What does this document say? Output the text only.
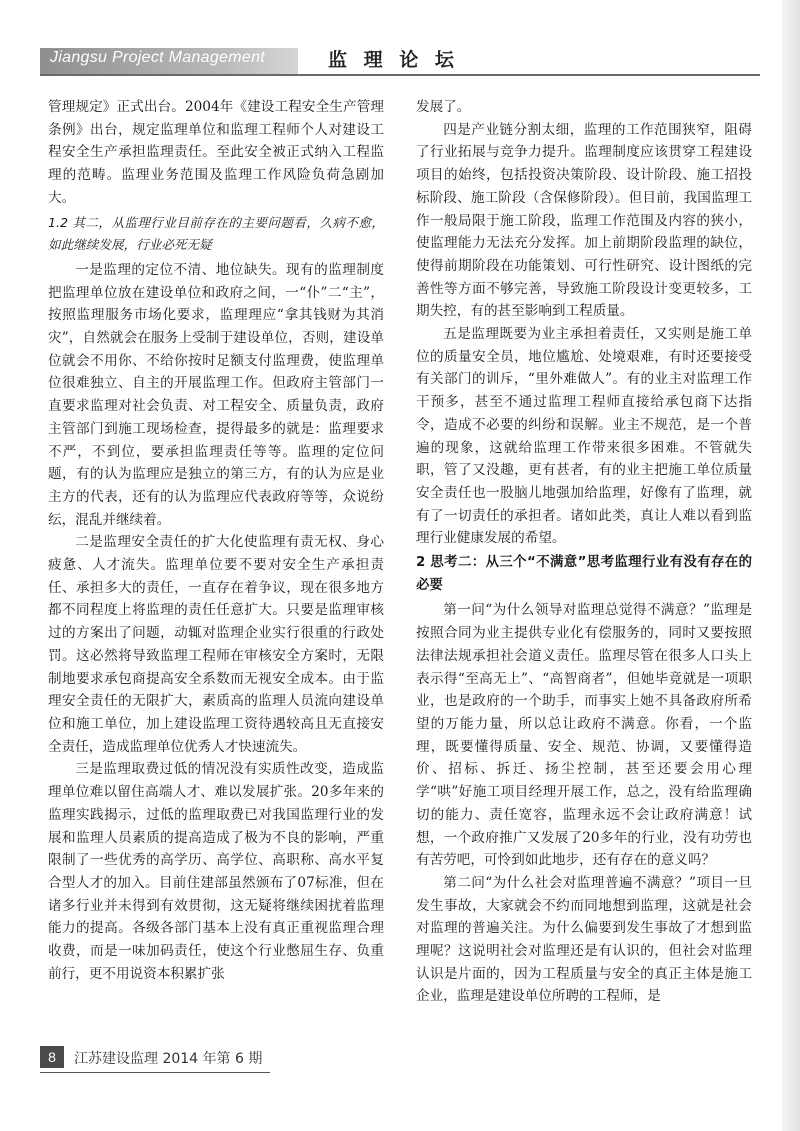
Jiangsu Project Management	监 理 论 坛

管理规定》正式出台。2004年《建设工程安全生产管理条例》出台，规定监理单位和监理工程师个人对建设工程安全生产承担监理责任。至此安全被正式纳入工程监理的范畴。监理业务范围及监理工作风险负荷急剧加大。

1.2 其二，从监理行业目前存在的主要问题看，久病不愈，如此继续发展，行业必死无疑

一是监理的定位不清、地位缺失。现有的监理制度把监理单位放在建设单位和政府之间，一“仆”二“主”，按照监理服务市场化要求，监理理应“拿其钱财为其消灾”，自然就会在服务上受制于建设单位，否则，建设单位就会不用你、不给你按时足额支付监理费，使监理单位很难独立、自主的开展监理工作。但政府主管部门一直要求监理对社会负责、对工程安全、质量负责，政府主管部门到施工现场检查，提得最多的就是：监理要求不严，不到位，要承担监理责任等等。监理的定位问题，有的认为监理应是独立的第三方，有的认为应是业主方的代表，还有的认为监理应代表政府等等，众说纷纭，混乱并继续着。

二是监理安全责任的扩大化使监理有责无权、身心疲惫、人才流失。监理单位要不要对安全生产承担责任、承担多大的责任，一直存在着争议，现在很多地方都不同程度上将监理的责任任意扩大。只要是监理审核过的方案出了问题，动辄对监理企业实行很重的行政处罚。这必然将导致监理工程师在审核安全方案时，无限制地要求承包商提高安全系数而无视安全成本。由于监理安全责任的无限扩大，素质高的监理人员流向建设单位和施工单位，加上建设监理工资待遇较高且无直接安全责任，造成监理单位优秀人才快速流失。

三是监理取费过低的情况没有实质性改变，造成监理单位难以留住高端人才、难以发展扩张。20多年来的监理实践揭示，过低的监理取费已对我国监理行业的发展和监理人员素质的提高造成了极为不良的影响，严重限制了一些优秀的高学历、高学位、高职称、高水平复合型人才的加入。目前住建部虽然颁布了07标准，但在诸多行业并未得到有效贯彻，这无疑将继续困扰着监理能力的提高。各级各部门基本上没有真正重视监理合理收费，而是一味加码责任，使这个行业憋屈生存、负重前行，更不用说资本积累扩张

发展了。

四是产业链分割太细，监理的工作范围狭窄，阻碍了行业拓展与竞争力提升。监理制度应该贯穿工程建设项目的始终，包括投资决策阶段、设计阶段、施工招投标阶段、施工阶段（含保修阶段）。但目前，我国监理工作一般局限于施工阶段，监理工作范围及内容的狭小，使监理能力无法充分发挥。加上前期阶段监理的缺位，使得前期阶段在功能策划、可行性研究、设计图纸的完善性等方面不够完善，导致施工阶段设计变更较多，工期失控，有的甚至影响到工程质量。

五是监理既要为业主承担着责任，又实则是施工单位的质量安全员，地位尴尬、处境艰难，有时还要接受有关部门的训斥，“里外难做人”。有的业主对监理工作干预多，甚至不通过监理工程师直接给承包商下达指令，造成不必要的纠纷和误解。业主不规范，是一个普遍的现象，这就给监理工作带来很多困难。不管就失职，管了又没趣，更有甚者，有的业主把施工单位质量安全责任也一股脑儿地强加给监理，好像有了监理，就有了一切责任的承担者。诸如此类，真让人难以看到监理行业健康发展的希望。

2 思考二：从三个“不满意”思考监理行业有没有存在的必要

第一问“为什么领导对监理总觉得不满意？”监理是按照合同为业主提供专业化有偿服务的，同时又要按照法律法规承担社会道义责任。监理尽管在很多人口头上表示得“至高无上”、“高智商者”，但她毕竟就是一项职业，也是政府的一个助手，而事实上她不具备政府所希望的万能力量，所以总让政府不满意。你看，一个监理，既要懂得质量、安全、规范、协调，又要懂得造价、招标、拆迁、扬尘控制，甚至还要会用心理学“哄”好施工项目经理开展工作，总之，没有给监理确切的能力、责任宽容，监理永远不会让政府满意！试想，一个政府推广又发展了20多年的行业，没有功劳也有苦劳吧，可怜到如此地步，还有存在的意义吗？

第二问“为什么社会对监理普遍不满意？”项目一旦发生事故，大家就会不约而同地想到监理，这就是社会对监理的普遍关注。为什么偏要到发生事故了才想到监理呢？这说明社会对监理还是有认识的，但社会对监理认识是片面的，因为工程质量与安全的真正主体是施工企业，监理是建设单位所聘的工程师，是

8	江苏建设监理 2014 年第 6 期
